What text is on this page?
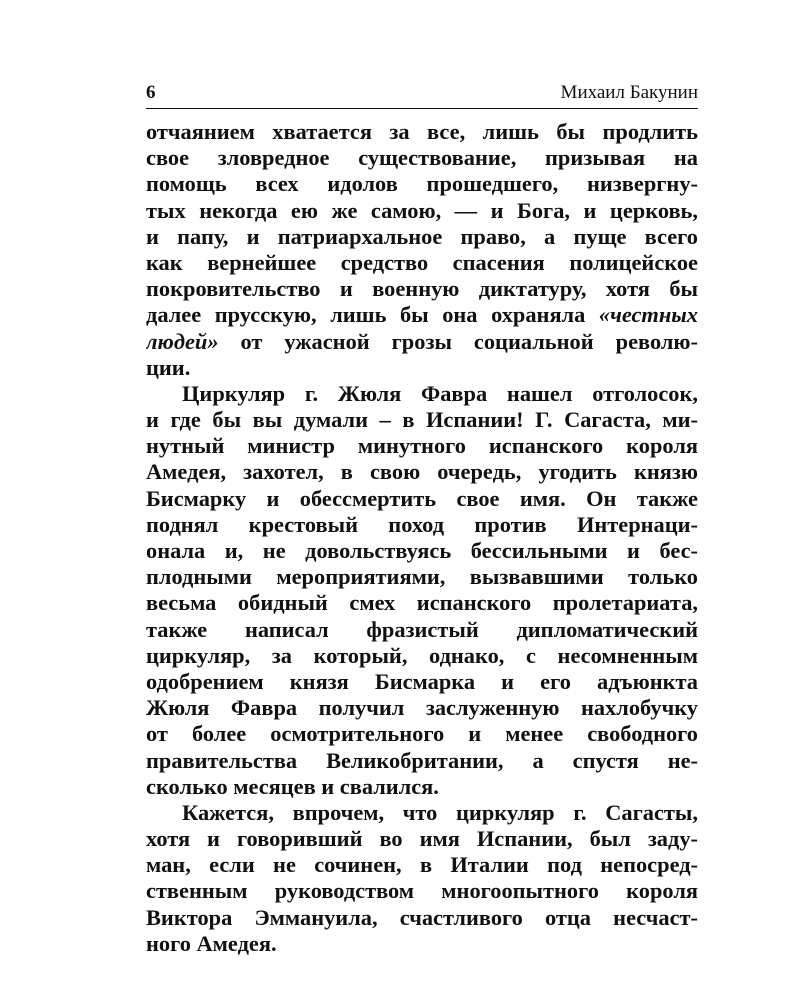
6	Михаил Бакунин
отчаянием хватается за все, лишь бы продлить
свое зловредное существование, призывая на
помощь всех идолов прошедшего, низвергну-
тых некогда ею же самою, — и Бога, и церковь,
и папу, и патриархальное право, а пуще всего
как вернейшее средство спасения полицейское
покровительство и военную диктатуру, хотя бы
далее прусскую, лишь бы она охраняла «честных
людей» от ужасной грозы социальной револю-
ции.
Циркуляр г. Жюля Фавра нашел отголосок,
и где бы вы думали – в Испании! Г. Сагаста, ми-
нутный министр минутного испанского короля
Амедея, захотел, в свою очередь, угодить князю
Бисмарку и обессмертить свое имя. Он также
поднял крестовый поход против Интернаци-
онала и, не довольствуясь бессильными и бес-
плодными мероприятиями, вызвавшими только
весьма обидный смех испанского пролетариата,
также написал фразистый дипломатический
циркуляр, за который, однако, с несомненным
одобрением князя Бисмарка и его адъюнкта
Жюля Фавра получил заслуженную нахлобучку
от более осмотрительного и менее свободного
правительства Великобритании, а спустя не-
сколько месяцев и свалился.
Кажется, впрочем, что циркуляр г. Сагасты,
хотя и говоривший во имя Испании, был заду-
ман, если не сочинен, в Италии под непосред-
ственным руководством многоопытного короля
Виктора Эммануила, счастливого отца несчаст-
ного Амедея.
